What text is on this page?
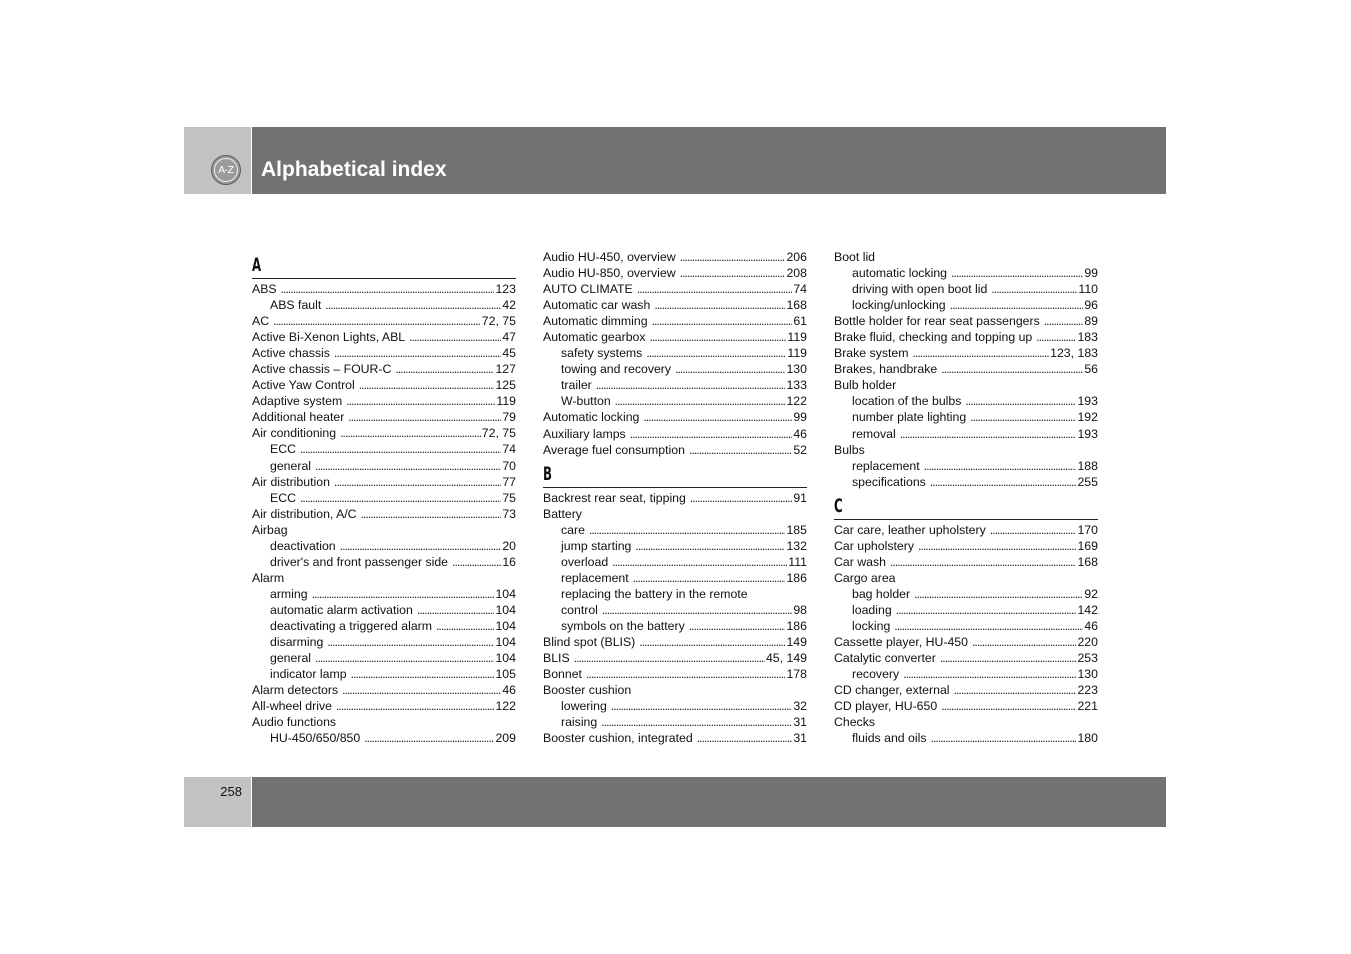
A-Z Alphabetical index
A
ABS . . .	123
ABS fault . . .	42
AC . . .	72, 75
Active Bi-Xenon Lights, ABL . . .	47
Active chassis . . .	45
Active chassis – FOUR-C . . .	127
Active Yaw Control . . .	125
Adaptive system . . .	119
Additional heater . . .	79
Air conditioning . . .	72, 75
ECC . . .	74
general . . .	70
Air distribution . . .	77
ECC . . .	75
Air distribution, A/C . . .	73
Airbag
deactivation . . .	20
driver's and front passenger side . . .	16
Alarm
arming . . .	104
automatic alarm activation . . .	104
deactivating a triggered alarm . . .	104
disarming . . .	104
general . . .	104
indicator lamp . . .	105
Alarm detectors . . .	46
All-wheel drive . . .	122
Audio functions
HU-450/650/850 . . .	209
Audio HU-450, overview . . .	206
Audio HU-850, overview . . .	208
AUTO CLIMATE . . .	74
Automatic car wash . . .	168
Automatic dimming . . .	61
Automatic gearbox . . .	119
safety systems . . .	119
towing and recovery . . .	130
trailer . . .	133
W-button . . .	122
Automatic locking . . .	99
Auxiliary lamps . . .	46
Average fuel consumption . . .	52
B
Backrest rear seat, tipping . . .	91
Battery
care . . .	185
jump starting . . .	132
overload . . .	111
replacement . . .	186
replacing the battery in the remote
control . . .	98
symbols on the battery . . .	186
Blind spot (BLIS) . . .	149
BLIS . . .	45, 149
Bonnet . . .	178
Booster cushion
lowering . . .	32
raising . . .	31
Booster cushion, integrated . . .	31
Boot lid
automatic locking . . .	99
driving with open boot lid . . .	110
locking/unlocking . . .	96
Bottle holder for rear seat passengers . . .	89
Brake fluid, checking and topping up . . .	183
Brake system . . .	123, 183
Brakes, handbrake . . .	56
Bulb holder
location of the bulbs . . .	193
number plate lighting . . .	192
removal . . .	193
Bulbs
replacement . . .	188
specifications . . .	255
C
Car care, leather upholstery . . .	170
Car upholstery . . .	169
Car wash . . .	168
Cargo area
bag holder . . .	92
loading . . .	142
locking . . .	46
Cassette player, HU-450 . . .	220
Catalytic converter . . .	253
recovery . . .	130
CD changer, external . . .	223
CD player, HU-650 . . .	221
Checks
fluids and oils . . .	180
258
